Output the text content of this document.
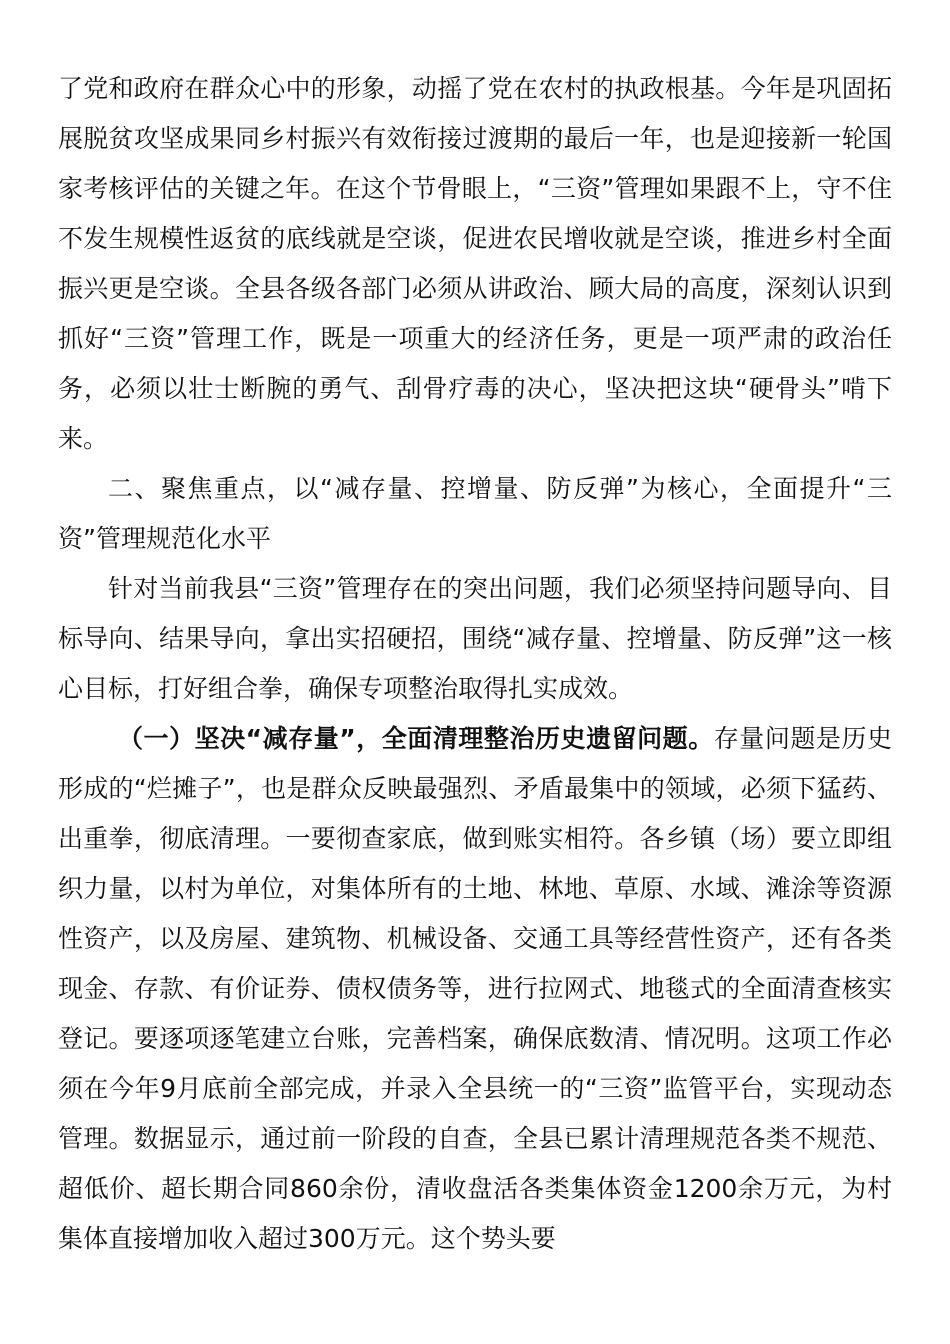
了党和政府在群众心中的形象，动摇了党在农村的执政根基。今年是巩固拓展脱贫攻坚成果同乡村振兴有效衔接过渡期的最后一年，也是迎接新一轮国家考核评估的关键之年。在这个节骨眼上，“三资”管理如果跟不上，守不住不发生规模性返贫的底线就是空谈，促进农民增收就是空谈，推进乡村全面振兴更是空谈。全县各级各部门必须从讲政治、顾大局的高度，深刻认识到抓好“三资”管理工作，既是一项重大的经济任务，更是一项严肃的政治任务，必须以壮士断腕的勇气、刮骨疗毒的决心，坚决把这块“硬骨头”啃下来。

二、聚焦重点，以“减存量、控增量、防反弹”为核心，全面提升“三资”管理规范化水平

针对当前我县“三资”管理存在的突出问题，我们必须坚持问题导向、目标导向、结果导向，拿出实招硬招，围绕“减存量、控增量、防反弹”这一核心目标，打好组合拳，确保专项整治取得扎实成效。

（一）坚决“减存量”，全面清理整治历史遗留问题。存量问题是历史形成的“烂摊子”，也是群众反映最强烈、矛盾最集中的领域，必须下猛药、出重拳，彻底清理。一要彻查家底，做到账实相符。各乡镇（场）要立即组织力量，以村为单位，对集体所有的土地、林地、草原、水域、滩涂等资源性资产，以及房屋、建筑物、机械设备、交通工具等经营性资产，还有各类现金、存款、有价证券、债权债务等，进行拉网式、地毯式的全面清查核实登记。要逐项逐笔建立台账，完善档案，确保底数清、情况明。这项工作必须在今年9月底前全部完成，并录入全县统一的“三资”监管平台，实现动态管理。数据显示，通过前一阶段的自查，全县已累计清理规范各类不规范、超低价、超长期合同860余份，清收盘活各类集体资金1200余万元，为村集体直接增加收入超过300万元。这个势头要
